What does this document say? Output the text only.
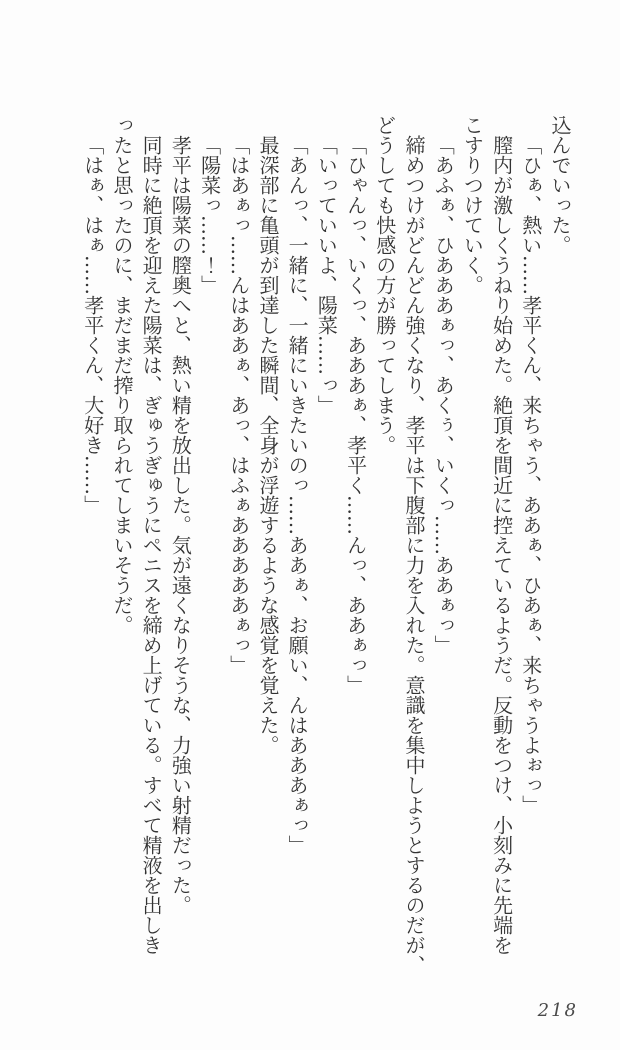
込んでいった。

「ひぁ、熱い……孝平くん、来ちゃう、ああぁ、ひあぁ、来ちゃうよぉっ」

膣内が激しくうねり始めた。絶頂を間近に控えているようだ。反動をつけ、小刻みに先端を

こすりつけていく。

「あふぁ、ひあああぁっ、あくぅ、いくっ……ああぁっ」

締めつけがどんどん強くなり、孝平は下腹部に力を入れた。意識を集中しようとするのだが、

どうしても快感の方が勝ってしまう。

「ひゃんっ、いくっ、あああぁ、孝平く……んっ、ああぁっ」

「いっていいよ、陽菜……っ」

「あんっ、一緒に、一緒にいきたいのっ……ああぁ、お願い、んはあああぁっ」

最深部に亀頭が到達した瞬間、全身が浮遊するような感覚を覚えた。

「はあぁっ……んはああぁ、あっ、はふぁあああああぁっ」

「陽菜っ……！」

孝平は陽菜の膣奥へと、熱い精を放出した。気が遠くなりそうな、力強い射精だった。

同時に絶頂を迎えた陽菜は、ぎゅうぎゅうにペニスを締め上げている。すべて精液を出しき

ったと思ったのに、まだまだ搾り取られてしまいそうだ。

「はぁ、はぁ……孝平くん、大好き……」

218
